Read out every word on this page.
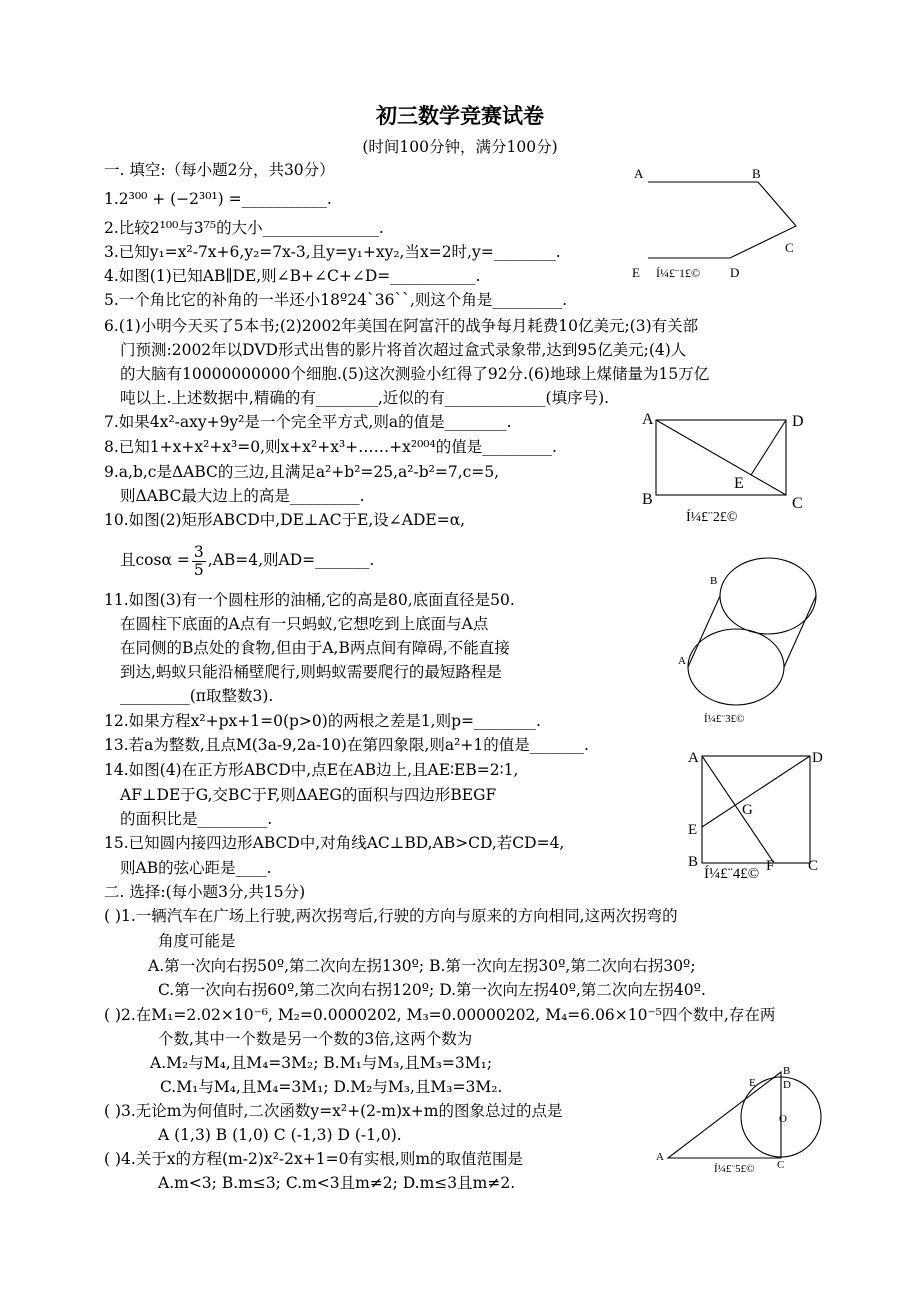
初三数学竞赛试卷
(时间100分钟，满分100分)
一. 填空:（每小题2分，共30分）
1.2³⁰⁰ + (−2³⁰¹) =___________.
2.比较2¹⁰⁰与3⁷⁵的大小_______________.
3.已知y₁=x²-7x+6,y₂=7x-3,且y=y₁+xy₂,当x=2时,y=________.
4.如图(1)已知AB∥DE,则∠B+∠C+∠D=___________.
5.一个角比它的补角的一半还小18º24ˋ36ˋˋ,则这个角是_________.
6.(1)小明今天买了5本书;(2)2002年美国在阿富汗的战争每月耗费10亿美元;(3)有关部
门预测:2002年以DVD形式出售的影片将首次超过盒式录象带,达到95亿美元;(4)人
的大脑有10000000000个细胞.(5)这次测验小红得了92分.(6)地球上煤储量为15万亿
吨以上.上述数据中,精确的有________,近似的有_____________(填序号).
7.如果4x²-axy+9y²是一个完全平方式,则a的值是________.
8.已知1+x+x²+x³=0,则x+x²+x³+……+x²⁰⁰⁴的值是_________.
9.a,b,c是ΔABC的三边,且满足a²+b²=25,a²-b²=7,c=5,
则ΔABC最大边上的高是_________.
10.如图(2)矩形ABCD中,DE⊥AC于E,设∠ADE=α,
且$\cos\alpha = \frac{3}{5} ,AB=4$,则AD=_______.
11.如图(3)有一个圆柱形的油桶,它的高是80,底面直径是50.
在圆柱下底面的A点有一只蚂蚁,它想吃到上底面与A点
在同侧的B点处的食物,但由于A,B两点间有障碍,不能直接
到达,蚂蚁只能沿桶壁爬行,则蚂蚁需要爬行的最短路程是
_________(π取整数3).
12.如果方程x²+px+1=0(p>0)的两根之差是1,则p=________.
13.若a为整数,且点M(3a-9,2a-10)在第四象限,则a²+1的值是_______.
14.如图(4)在正方形ABCD中,点E在AB边上,且AE∶EB=2∶1,
AF⊥DE于G,交BC于F,则ΔAEG的面积与四边形BEGF
的面积比是_________.
15.已知圆内接四边形ABCD中,对角线AC⊥BD,AB>CD,若CD=4,
则AB的弦心距是____.
二. 选择:(每小题3分,共15分)
( )1.一辆汽车在广场上行驶,两次拐弯后,行驶的方向与原来的方向相同,这两次拐弯的
角度可能是
A.第一次向右拐50º,第二次向左拐130º; B.第一次向左拐30º,第二次向右拐30º;
C.第一次向右拐60º,第二次向右拐120º; D.第一次向左拐40º,第二次向左拐40º.
( )2.在M₁=2.02×10⁻⁶, M₂=0.0000202, M₃=0.00000202, M₄=6.06×10⁻⁵四个数中,存在两
个数,其中一个数是另一个数的3倍,这两个数为
A.M₂与M₄,且M₄=3M₂; B.M₁与M₃,且M₃=3M₁;
C.M₁与M₄,且M₄=3M₁; D.M₂与M₃,且M₃=3M₂.
( )3.无论m为何值时,二次函数y=x²+(2-m)x+m的图象总过的点是
A (1,3) B (1,0) C (-1,3) D (-1,0).
( )4.关于x的方程(m-2)x²-2x+1=0有实根,则m的取值范围是
A.m<3; B.m≤3; C.m<3且m≠2; D.m≤3且m≠2.
A	B
C
E Í¼£¨1£© D
A	D
E
B	C
Í¼£¨2£©
B
A
Í¼£¨3£©
A	D
G
E
B	C
Í¼£¨4£© F
B
E D
O
A
C
Í¼£¨5£©
